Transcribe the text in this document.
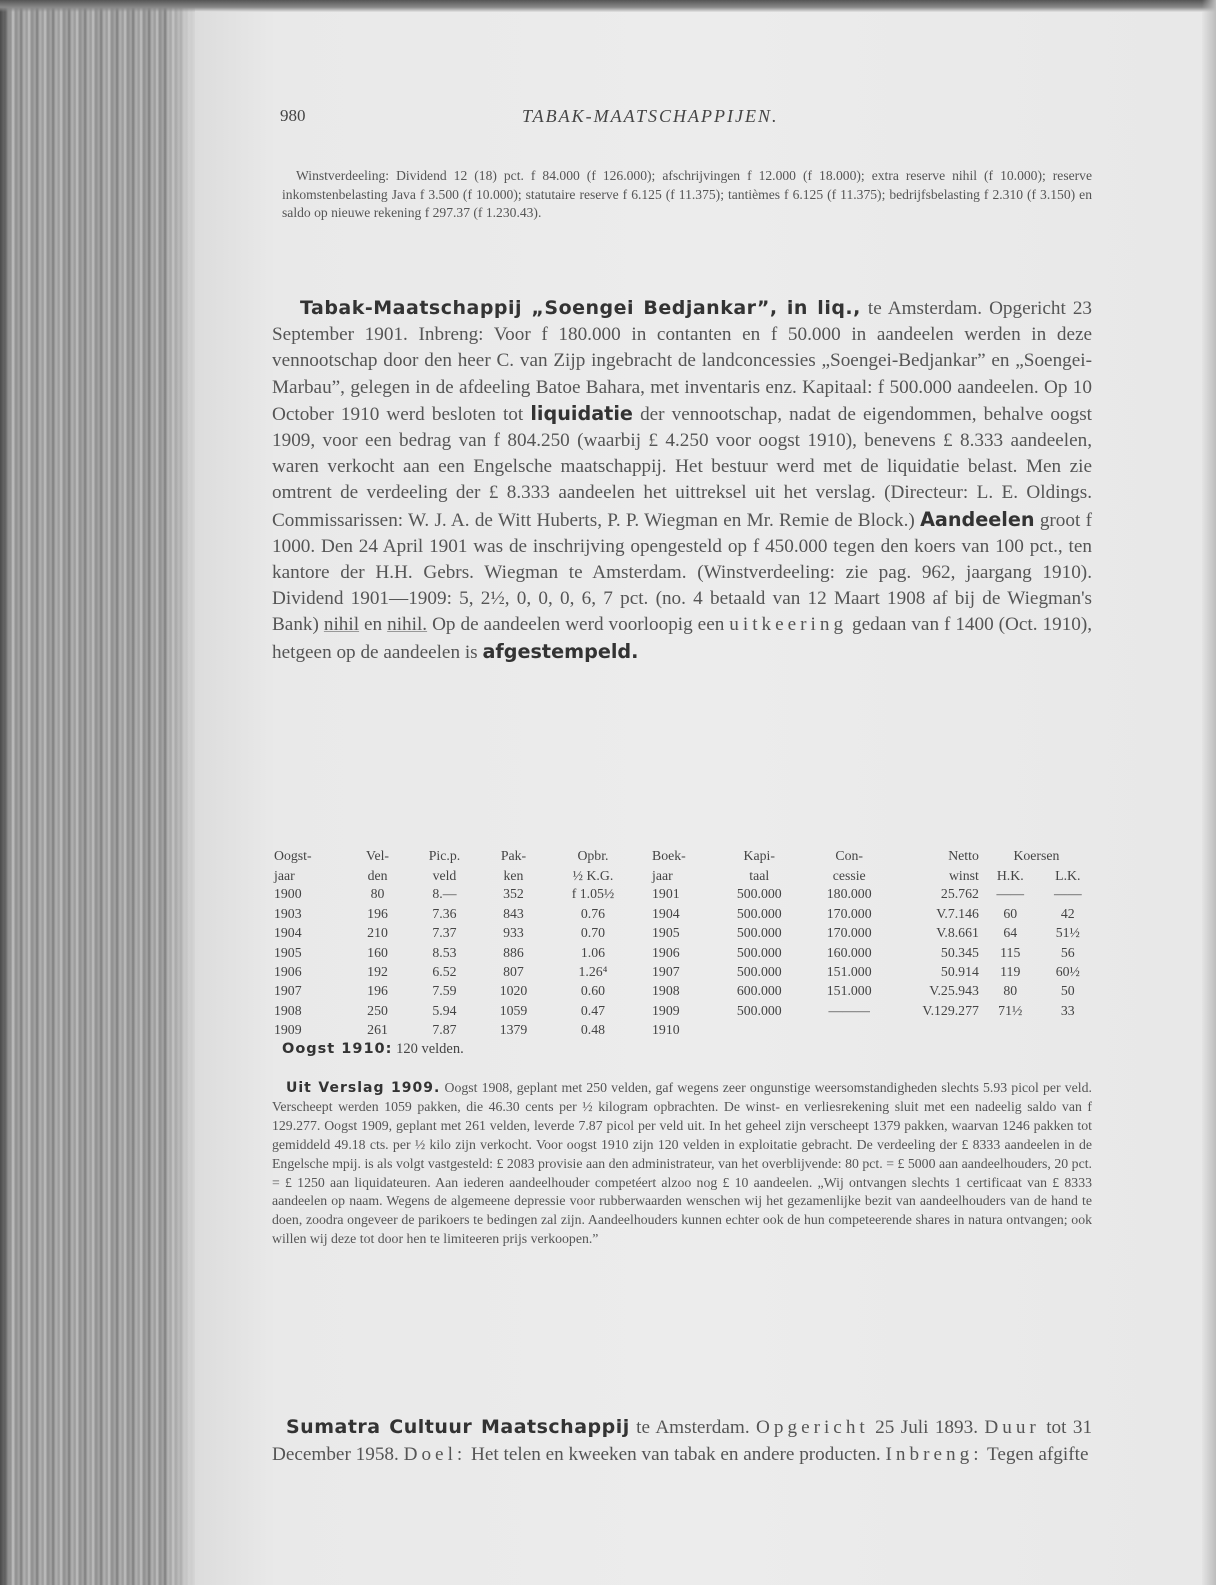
980	TABAK-MAATSCHAPPIJEN.

Winstverdeeling: Dividend 12 (18) pct. f 84.000 (f 126.000); afschrijvingen f 12.000 (f 18.000); extra reserve nihil (f 10.000); reserve inkomstenbelasting Java f 3.500 (f 10.000); statutaire reserve f 6.125 (f 11.375); tantièmes f 6.125 (f 11.375); bedrijfsbelasting f 2.310 (f 3.150) en saldo op nieuwe rekening f 297.37 (f 1.230.43).

Tabak-Maatschappij „Soengei Bedjankar”, in liq., te Amsterdam. Opgericht 23 September 1901. Inbreng: Voor f 180.000 in contanten en f 50.000 in aandeelen werden in deze vennootschap door den heer C. van Zijp ingebracht de landconcessies „Soengei-Bedjankar” en „Soengei-Marbau”, gelegen in de afdeeling Batoe Bahara, met inventaris enz. Kapitaal: f 500.000 aandeelen. Op 10 October 1910 werd besloten tot liquidatie der vennootschap, nadat de eigendommen, behalve oogst 1909, voor een bedrag van f 804.250 (waarbij £ 4.250 voor oogst 1910), benevens £ 8.333 aandeelen, waren verkocht aan een Engelsche maatschappij. Het bestuur werd met de liquidatie belast. Men zie omtrent de verdeeling der £ 8.333 aandeelen het uittreksel uit het verslag. (Directeur: L. E. Oldings. Commissarissen: W. J. A. de Witt Huberts, P. P. Wiegman en Mr. Remie de Block.) Aandeelen groot f 1000. Den 24 April 1901 was de inschrijving opengesteld op f 450.000 tegen den koers van 100 pct., ten kantore der H.H. Gebrs. Wiegman te Amsterdam. (Winstverdeeling: zie pag. 962, jaargang 1910). Dividend 1901—1909: 5, 2½, 0, 0, 0, 6, 7 pct. (no. 4 betaald van 12 Maart 1908 af bij de Wiegman's Bank) nihil en nihil. Op de aandeelen werd voorloopig een uitkeering gedaan van f 1400 (Oct. 1910), hetgeen op de aandeelen is afgestempeld.

Oogst-	Vel-	Pic.p.	Pak-	Opbr.	Boek-	Kapi-	Con-	Netto	Koersen	
jaar	den	veld	ken	½ K.G.	jaar	taal	cessie	winst	H.K.	L.K.
1900	80	8.—	352	f 1.05½	1901	500.000	180.000	25.762	——	——
1903	196	7.36	843	0.76	1904	500.000	170.000	V.7.146	60	42
1904	210	7.37	933	0.70	1905	500.000	170.000	V.8.661	64	51½
1905	160	8.53	886	1.06	1906	500.000	160.000	50.345	115	56
1906	192	6.52	807	1.26⁴	1907	500.000	151.000	50.914	119	60½
1907	196	7.59	1020	0.60	1908	600.000	151.000	V.25.943	80	50
1908	250	5.94	1059	0.47	1909	500.000	———	V.129.277	71½	33
1909	261	7.87	1379	0.48	1910					
Oogst 1910: 120 velden.

Uit Verslag 1909. Oogst 1908, geplant met 250 velden, gaf wegens zeer ongunstige weersomstandigheden slechts 5.93 picol per veld. Verscheept werden 1059 pakken, die 46.30 cents per ½ kilogram opbrachten. De winst- en verliesrekening sluit met een nadeelig saldo van f 129.277. Oogst 1909, geplant met 261 velden, leverde 7.87 picol per veld uit. In het geheel zijn verscheept 1379 pakken, waarvan 1246 pakken tot gemiddeld 49.18 cts. per ½ kilo zijn verkocht. Voor oogst 1910 zijn 120 velden in exploitatie gebracht. De verdeeling der £ 8333 aandeelen in de Engelsche mpij. is als volgt vastgesteld: £ 2083 provisie aan den administrateur, van het overblijvende: 80 pct. = £ 5000 aan aandeelhouders, 20 pct. = £ 1250 aan liquidateuren. Aan iederen aandeelhouder competéert alzoo nog £ 10 aandeelen. „Wij ontvangen slechts 1 certificaat van £ 8333 aandeelen op naam. Wegens de algemeene depressie voor rubberwaarden wenschen wij het gezamenlijke bezit van aandeelhouders van de hand te doen, zoodra ongeveer de parikoers te bedingen zal zijn. Aandeelhouders kunnen echter ook de hun competeerende shares in natura ontvangen; ook willen wij deze tot door hen te limiteeren prijs verkoopen.”

Sumatra Cultuur Maatschappij te Amsterdam. Opgericht 25 Juli 1893. Duur tot 31 December 1958. Doel: Het telen en kweeken van tabak en andere producten. Inbreng: Tegen afgifte
